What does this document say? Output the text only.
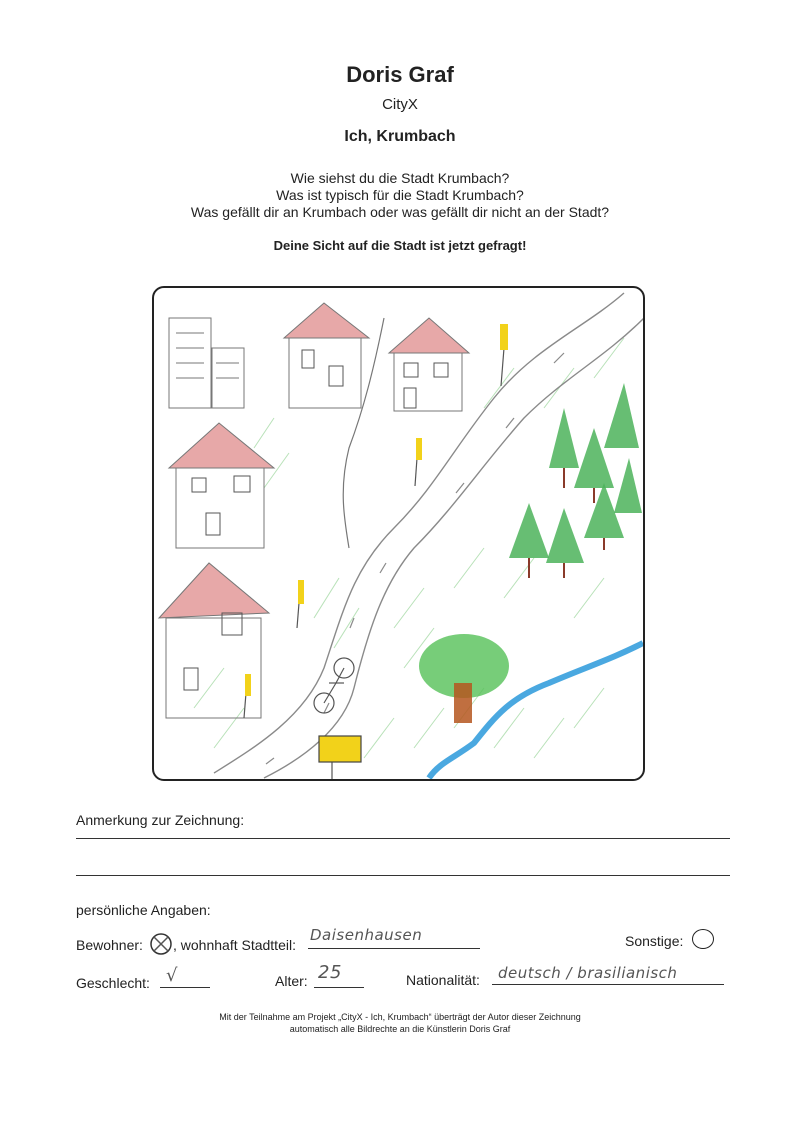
Doris Graf
CityX
Ich, Krumbach
Wie siehst du die Stadt Krumbach?
Was ist typisch für die Stadt Krumbach?
Was gefällt dir an Krumbach oder was gefällt dir nicht an der Stadt?
Deine Sicht auf die Stadt ist jetzt gefragt!
Anmerkung zur Zeichnung:
persönliche Angaben:
Bewohner: , wohnhaft Stadtteil:
Daisenhausen	Sonstige:
Geschlecht: √	Alter: 25	Nationalität: deutsch / brasilianisch
Mit der Teilnahme am Projekt „CityX - Ich, Krumbach“ überträgt der Autor dieser Zeichnung
automatisch alle Bildrechte an die Künstlerin Doris Graf
